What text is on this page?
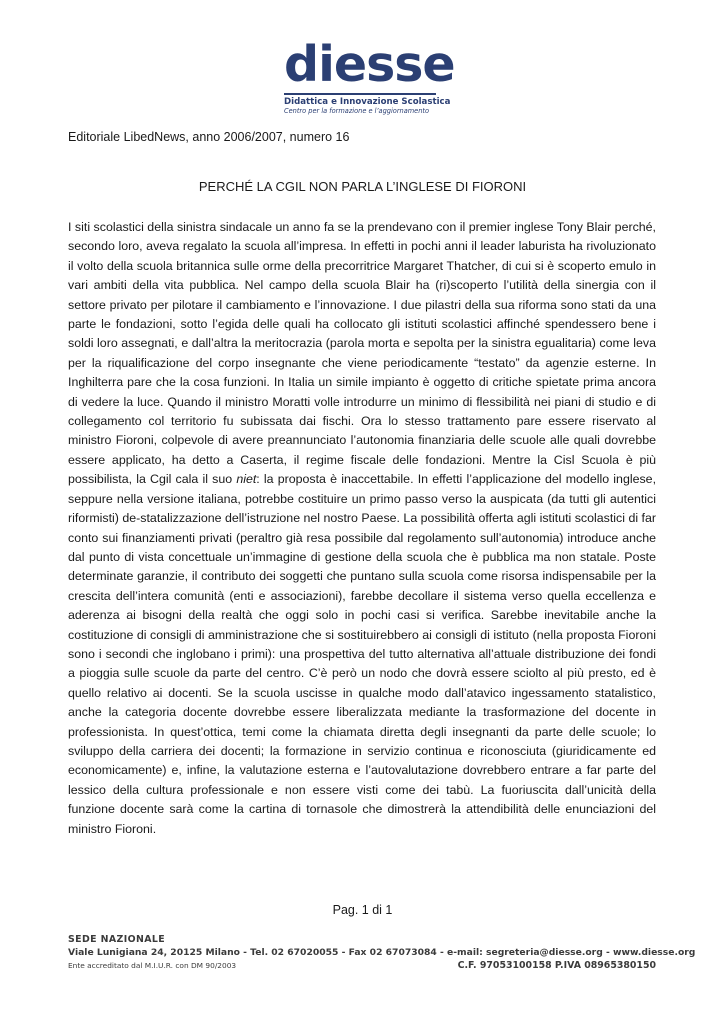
diesse
Didattica e Innovazione Scolastica
Centro per la formazione e l’aggiornamento

Editoriale LibedNews, anno 2006/2007, numero 16

PERCHÉ LA CGIL NON PARLA L’INGLESE DI FIORONI

I siti scolastici della sinistra sindacale un anno fa se la prendevano con il premier inglese Tony Blair perché, secondo loro, aveva regalato la scuola all’impresa. In effetti in pochi anni il leader laburista ha rivoluzionato il volto della scuola britannica sulle orme della precorritrice Margaret Thatcher, di cui si è scoperto emulo in vari ambiti della vita pubblica. Nel campo della scuola Blair ha (ri)scoperto l’utilità della sinergia con il settore privato per pilotare il cambiamento e l’innovazione. I due pilastri della sua riforma sono stati da una parte le fondazioni, sotto l’egida delle quali ha collocato gli istituti scolastici affinché spendessero bene i soldi loro assegnati, e dall’altra la meritocrazia (parola morta e sepolta per la sinistra egualitaria) come leva per la riqualificazione del corpo insegnante che viene periodicamente “testato” da agenzie esterne. In Inghilterra pare che la cosa funzioni. In Italia un simile impianto è oggetto di critiche spietate prima ancora di vedere la luce. Quando il ministro Moratti volle introdurre un minimo di flessibilità nei piani di studio e di collegamento col territorio fu subissata dai fischi. Ora lo stesso trattamento pare essere riservato al ministro Fioroni, colpevole di avere preannunciato l’autonomia finanziaria delle scuole alle quali dovrebbe essere applicato, ha detto a Caserta, il regime fiscale delle fondazioni. Mentre la Cisl Scuola è più possibilista, la Cgil cala il suo niet: la proposta è inaccettabile. In effetti l’applicazione del modello inglese, seppure nella versione italiana, potrebbe costituire un primo passo verso la auspicata (da tutti gli autentici riformisti) de-statalizzazione dell’istruzione nel nostro Paese. La possibilità offerta agli istituti scolastici di far conto sui finanziamenti privati (peraltro già resa possibile dal regolamento sull’autonomia) introduce anche dal punto di vista concettuale un’immagine di gestione della scuola che è pubblica ma non statale. Poste determinate garanzie, il contributo dei soggetti che puntano sulla scuola come risorsa indispensabile per la crescita dell’intera comunità (enti e associazioni), farebbe decollare il sistema verso quella eccellenza e aderenza ai bisogni della realtà che oggi solo in pochi casi si verifica. Sarebbe inevitabile anche la costituzione di consigli di amministrazione che si sostituirebbero ai consigli di istituto (nella proposta Fioroni sono i secondi che inglobano i primi): una prospettiva del tutto alternativa all’attuale distribuzione dei fondi a pioggia sulle scuole da parte del centro. C’è però un nodo che dovrà essere sciolto al più presto, ed è quello relativo ai docenti. Se la scuola uscisse in qualche modo dall’atavico ingessamento statalistico, anche la categoria docente dovrebbe essere liberalizzata mediante la trasformazione del docente in professionista. In quest’ottica, temi come la chiamata diretta degli insegnanti da parte delle scuole; lo sviluppo della carriera dei docenti; la formazione in servizio continua e riconosciuta (giuridicamente ed economicamente) e, infine, la valutazione esterna e l’autovalutazione dovrebbero entrare a far parte del lessico della cultura professionale e non essere visti come dei tabù. La fuoriuscita dall’unicità della funzione docente sarà come la cartina di tornasole che dimostrerà la attendibilità delle enunciazioni del ministro Fioroni.

Pag. 1 di 1

SEDE NAZIONALE
Viale Lunigiana 24, 20125 Milano - Tel. 02 67020055 - Fax 02 67073084 - e-mail: segreteria@diesse.org - www.diesse.org
Ente accreditato dal M.I.U.R. con DM 90/2003	C.F. 97053100158 P.IVA 08965380150
